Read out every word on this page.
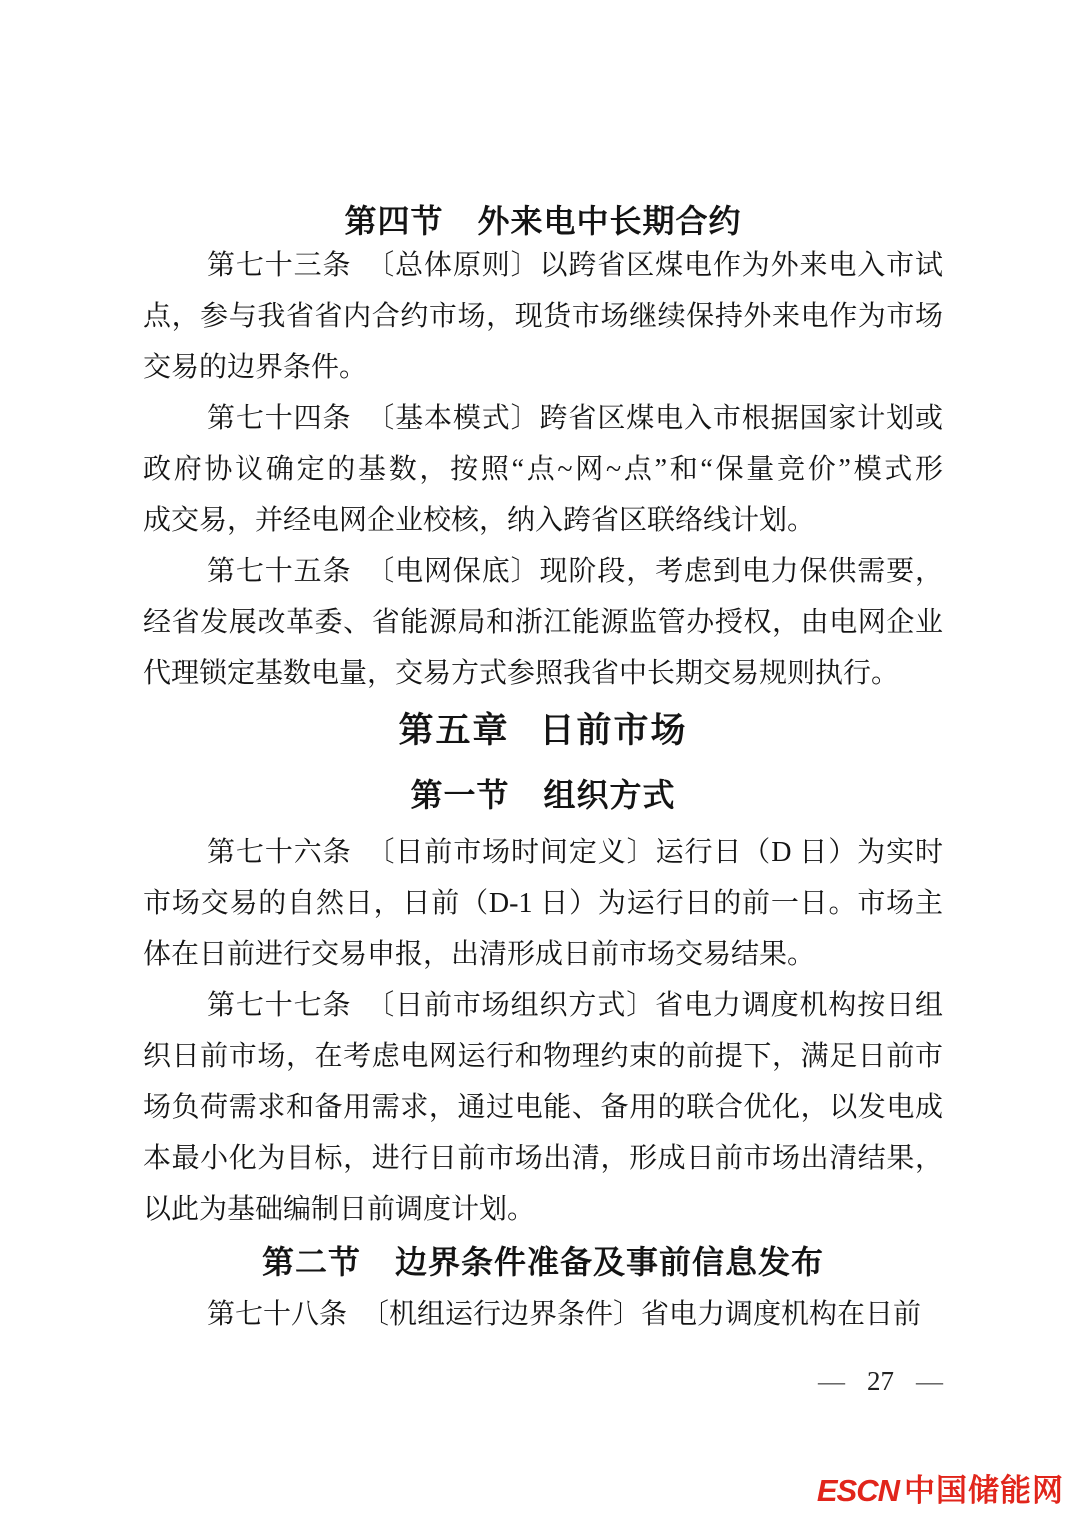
第四节 外来电中长期合约
第七十三条　〔总体原则〕以跨省区煤电作为外来电入市试
点，参与我省省内合约市场，现货市场继续保持外来电作为市场
交易的边界条件。
第七十四条　〔基本模式〕跨省区煤电入市根据国家计划或
政府协议确定的基数，按照“点~网~点”和“保量竞价”模式形
成交易，并经电网企业校核，纳入跨省区联络线计划。
第七十五条　〔电网保底〕现阶段，考虑到电力保供需要，
经省发展改革委、省能源局和浙江能源监管办授权，由电网企业
代理锁定基数电量，交易方式参照我省中长期交易规则执行。
第五章 日前市场
第一节 组织方式
第七十六条　〔日前市场时间定义〕运行日（D 日）为实时
市场交易的自然日，日前（D-1 日）为运行日的前一日。市场主
体在日前进行交易申报，出清形成日前市场交易结果。
第七十七条　〔日前市场组织方式〕省电力调度机构按日组
织日前市场，在考虑电网运行和物理约束的前提下，满足日前市
场负荷需求和备用需求，通过电能、备用的联合优化，以发电成
本最小化为目标，进行日前市场出清，形成日前市场出清结果，
以此为基础编制日前调度计划。
第二节 边界条件准备及事前信息发布
第七十八条　〔机组运行边界条件〕省电力调度机构在日前
— 27 —
ESCN 中国储能网
